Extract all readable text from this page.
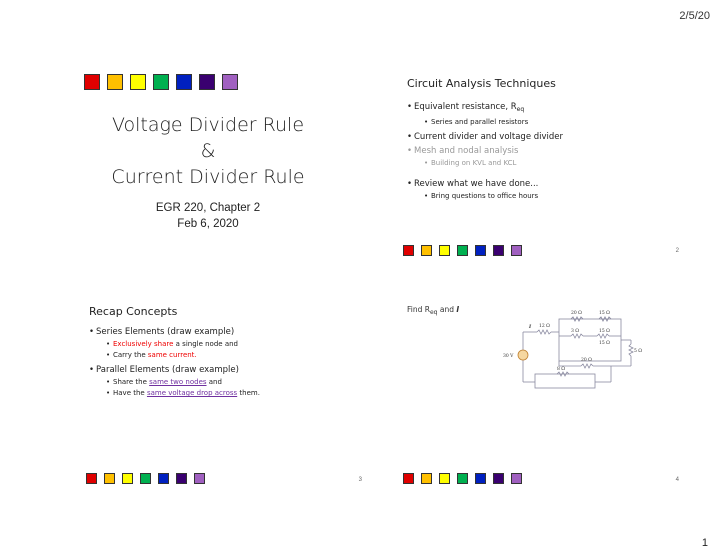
2/5/20
1
Voltage Divider Rule
&
Current Divider Rule
EGR 220, Chapter 2
Feb 6, 2020
Circuit Analysis Techniques
• Equivalent resistance, $R_{eq}$
• Series and parallel resistors
• Current divider and voltage divider
• Mesh and nodal analysis
• Building on KVL and KCL
• Review what we have done...
• Bring questions to office hours
2
Recap Concepts
• Series Elements (draw example)
• Exclusively share a single node and
• Carry the same current.
• Parallel Elements (draw example)
• Share the same two nodes and
• Have the same voltage drop across them.
3
Find $R_{eq}$ and I
30 V
I 12 Ω
20 Ω	15 Ω
3 Ω	15 Ω
15 Ω
5 Ω
20 Ω
8 Ω
4
